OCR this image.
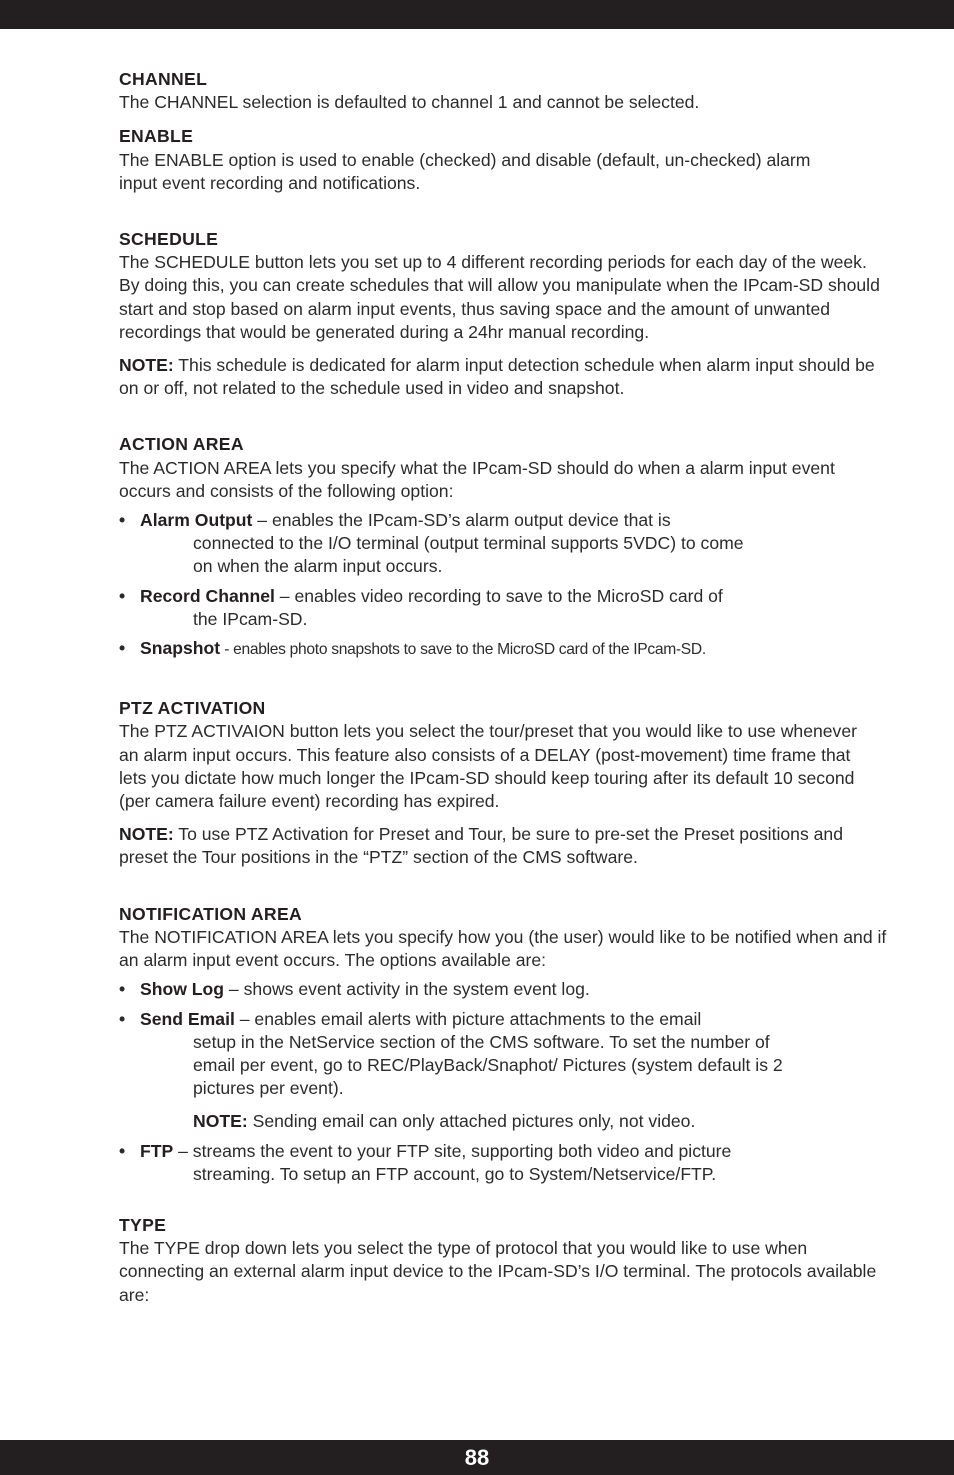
CHANNEL

The CHANNEL selection is defaulted to channel 1 and cannot be selected.

ENABLE

The ENABLE option is used to enable (checked) and disable (default, un-checked) alarm input event recording and notifications.

SCHEDULE

The SCHEDULE button lets you set up to 4 different recording periods for each day of the week. By doing this, you can create schedules that will allow you manipulate when the IPcam-SD should start and stop based on alarm input events, thus saving space and the amount of unwanted recordings that would be generated during a 24hr manual recording.

NOTE: This schedule is dedicated for alarm input detection schedule when alarm input should be on or off, not related to the schedule used in video and snapshot.

ACTION AREA

The ACTION AREA lets you specify what the IPcam-SD should do when a alarm input event occurs and consists of the following option:

• Alarm Output – enables the IPcam-SD’s alarm output device that is
connected to the I/O terminal (output terminal supports 5VDC) to come on when the alarm input occurs.
• Record Channel – enables video recording to save to the MicroSD card of
the IPcam-SD.
• Snapshot - enables photo snapshots to save to the MicroSD card of the IPcam-SD.

PTZ ACTIVATION

The PTZ ACTIVAION button lets you select the tour/preset that you would like to use whenever an alarm input occurs. This feature also consists of a DELAY (post-movement) time frame that lets you dictate how much longer the IPcam-SD should keep touring after its default 10 second (per camera failure event) recording has expired.

NOTE: To use PTZ Activation for Preset and Tour, be sure to pre-set the Preset positions and preset the Tour positions in the “PTZ” section of the CMS software.

NOTIFICATION AREA

The NOTIFICATION AREA lets you specify how you (the user) would like to be notified when and if an alarm input event occurs. The options available are:

• Show Log – shows event activity in the system event log.
• Send Email – enables email alerts with picture attachments to the email
setup in the NetService section of the CMS software. To set the number of email per event, go to REC/PlayBack/Snaphot/ Pictures (system default is 2 pictures per event).
NOTE: Sending email can only attached pictures only, not video.
• FTP – streams the event to your FTP site, supporting both video and picture
streaming. To setup an FTP account, go to System/Netservice/FTP.

TYPE

The TYPE drop down lets you select the type of protocol that you would like to use when connecting an external alarm input device to the IPcam-SD’s I/O terminal. The protocols available are:

88
